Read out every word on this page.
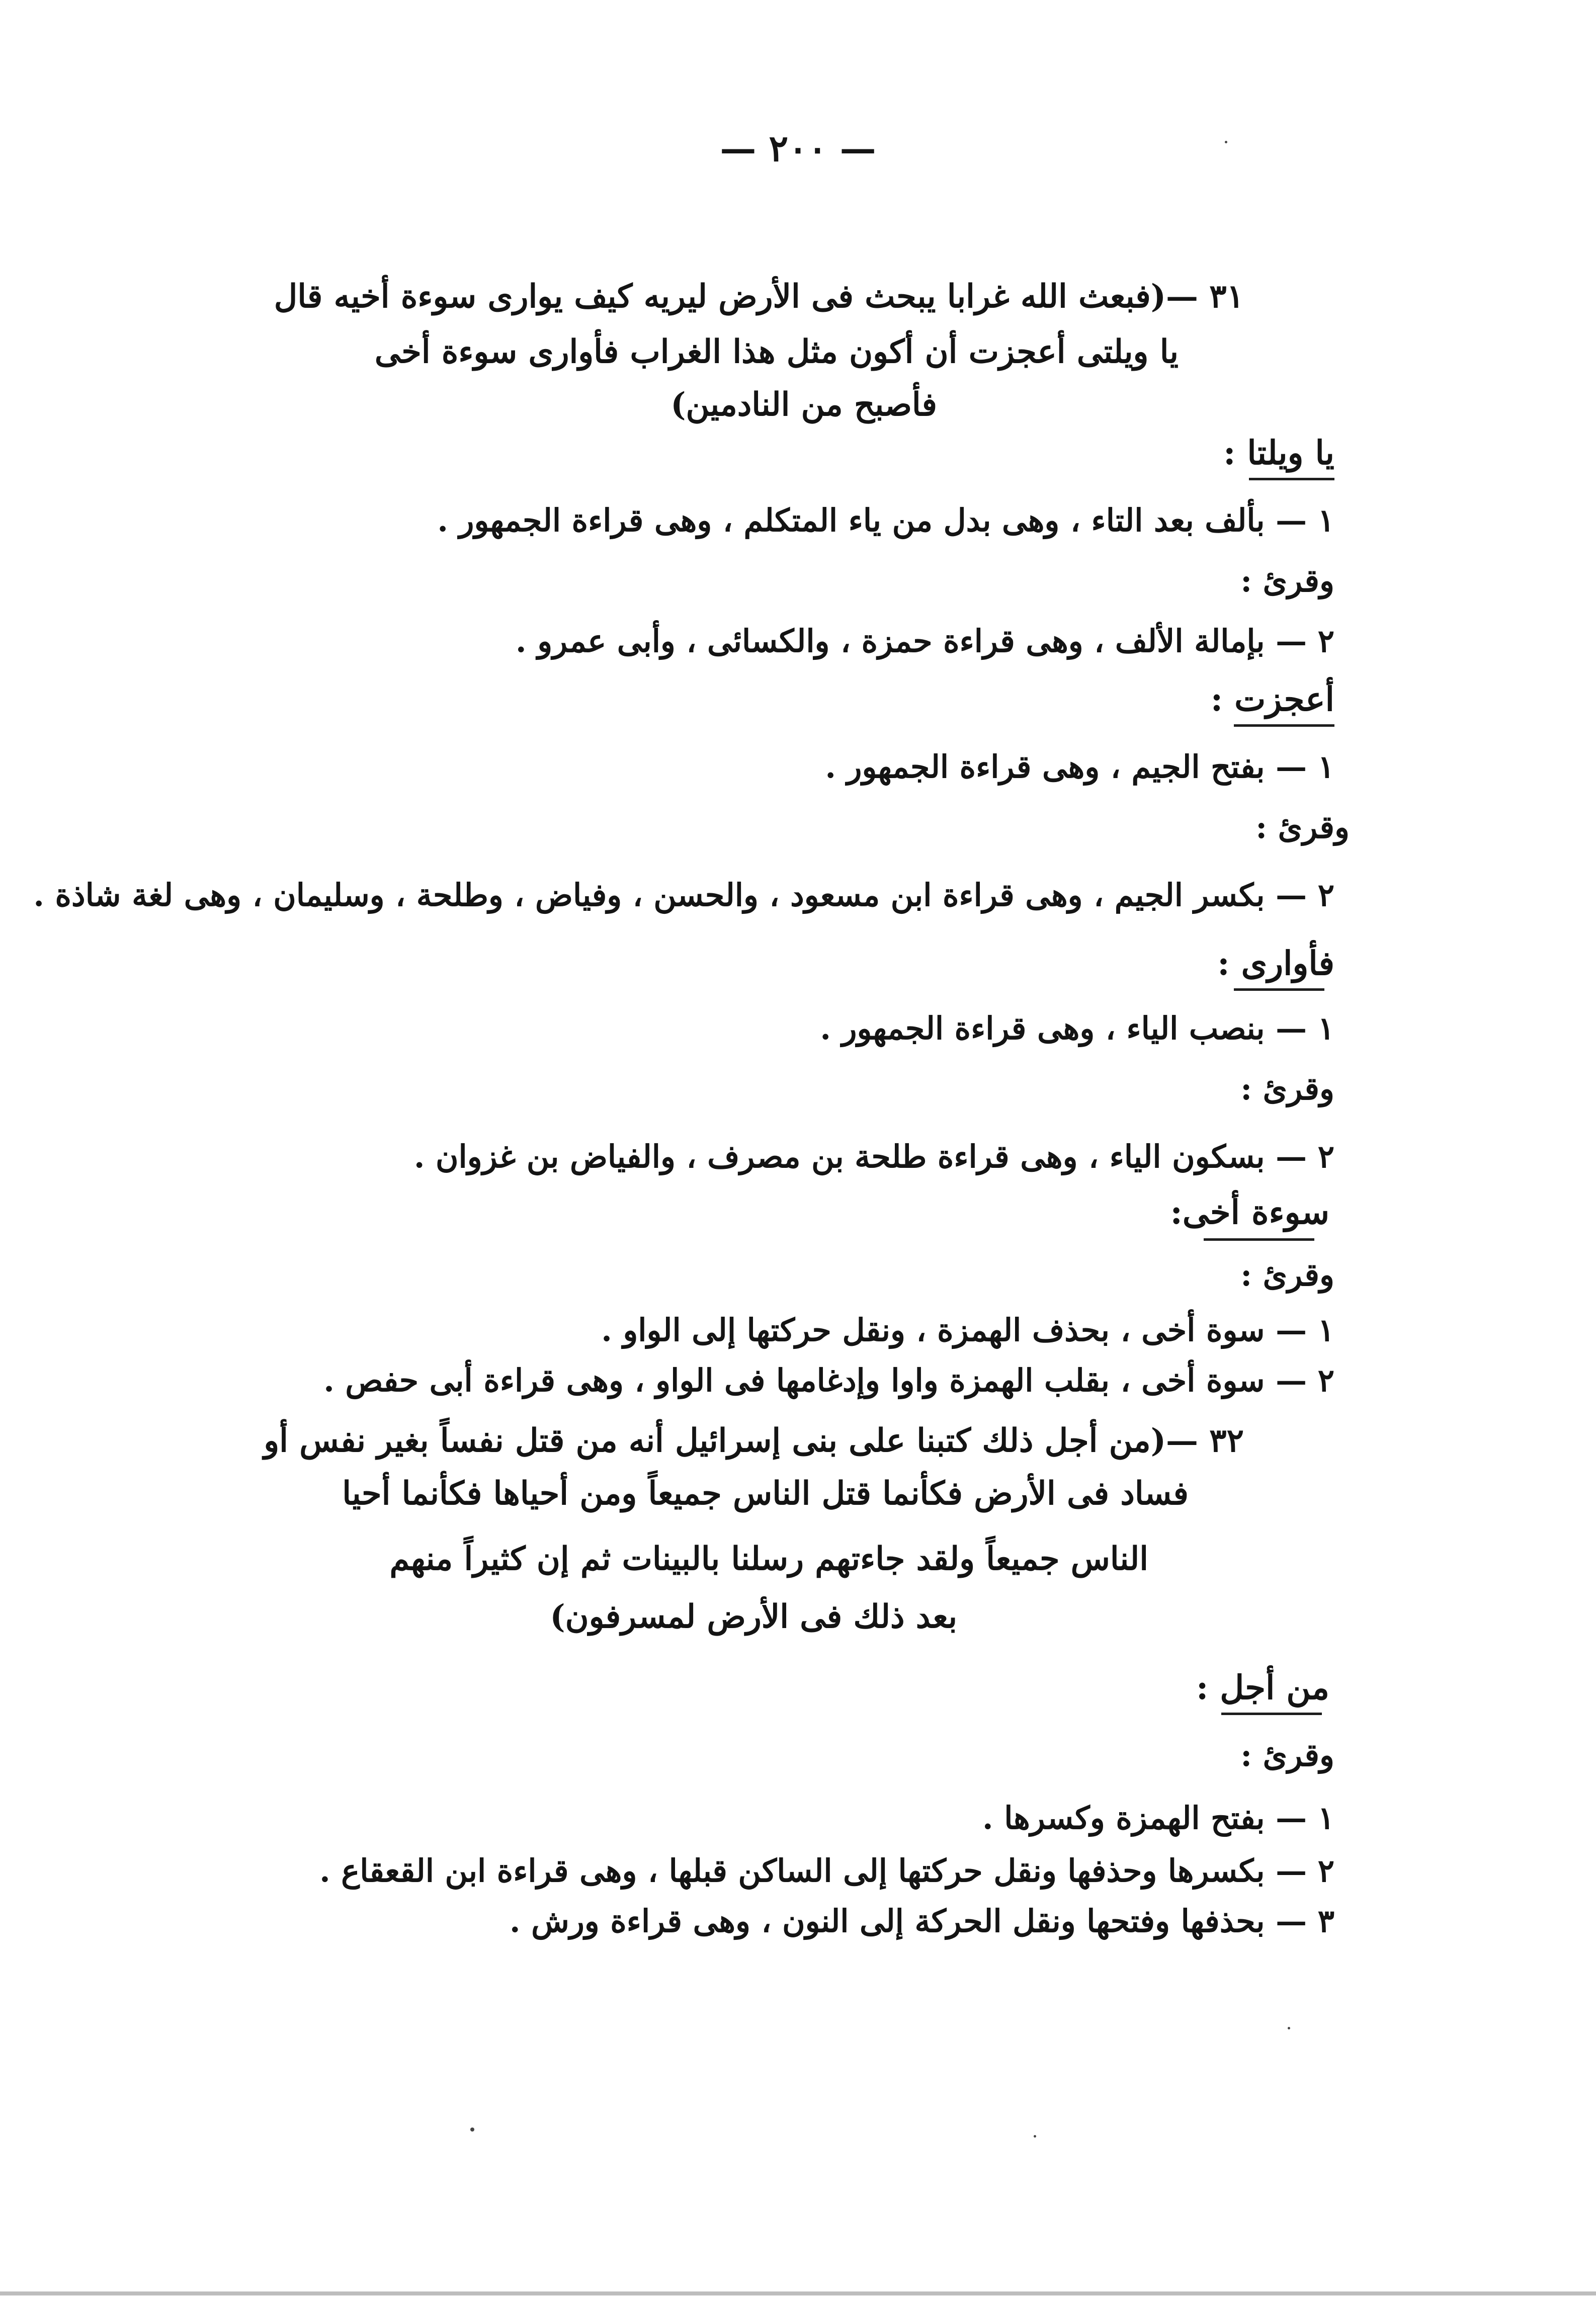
— ٢٠٠ —
٣١ —(فبعث الله غرابا يبحث فى الأرض ليريه كيف يوارى سوءة أخيه قال
يا ويلتى أعجزت أن أكون مثل هذا الغراب فأوارى سوءة أخى
فأصبح من النادمين)
يا ويلتا :
١ — بألف بعد التاء ، وهى بدل من ياء المتكلم ، وهى قراءة الجمهور .
وقرئ :
٢ — بإمالة الألف ، وهى قراءة حمزة ، والكسائى ، وأبى عمرو .
أعجزت :
١ — بفتح الجيم ، وهى قراءة الجمهور .
وقرئ :
٢ — بكسر الجيم ، وهى قراءة ابن مسعود ، والحسن ، وفياض ، وطلحة ، وسليمان ، وهى لغة شاذة .
فأوارى :
١ — بنصب الياء ، وهى قراءة الجمهور .
وقرئ :
٢ — بسكون الياء ، وهى قراءة طلحة بن مصرف ، والفياض بن غزوان .
سوءة أخى:
وقرئ :
١ — سوة أخى ، بحذف الهمزة ، ونقل حركتها إلى الواو .
٢ — سوة أخى ، بقلب الهمزة واوا وإدغامها فى الواو ، وهى قراءة أبى حفص .
٣٢ —(من أجل ذلك كتبنا على بنى إسرائيل أنه من قتل نفساً بغير نفس أو
فساد فى الأرض فكأنما قتل الناس جميعاً ومن أحياها فكأنما أحيا
الناس جميعاً ولقد جاءتهم رسلنا بالبينات ثم إن كثيراً منهم
بعد ذلك فى الأرض لمسرفون)
من أجل :
وقرئ :
١ — بفتح الهمزة وكسرها .
٢ — بكسرها وحذفها ونقل حركتها إلى الساكن قبلها ، وهى قراءة ابن القعقاع .
٣ — بحذفها وفتحها ونقل الحركة إلى النون ، وهى قراءة ورش .
